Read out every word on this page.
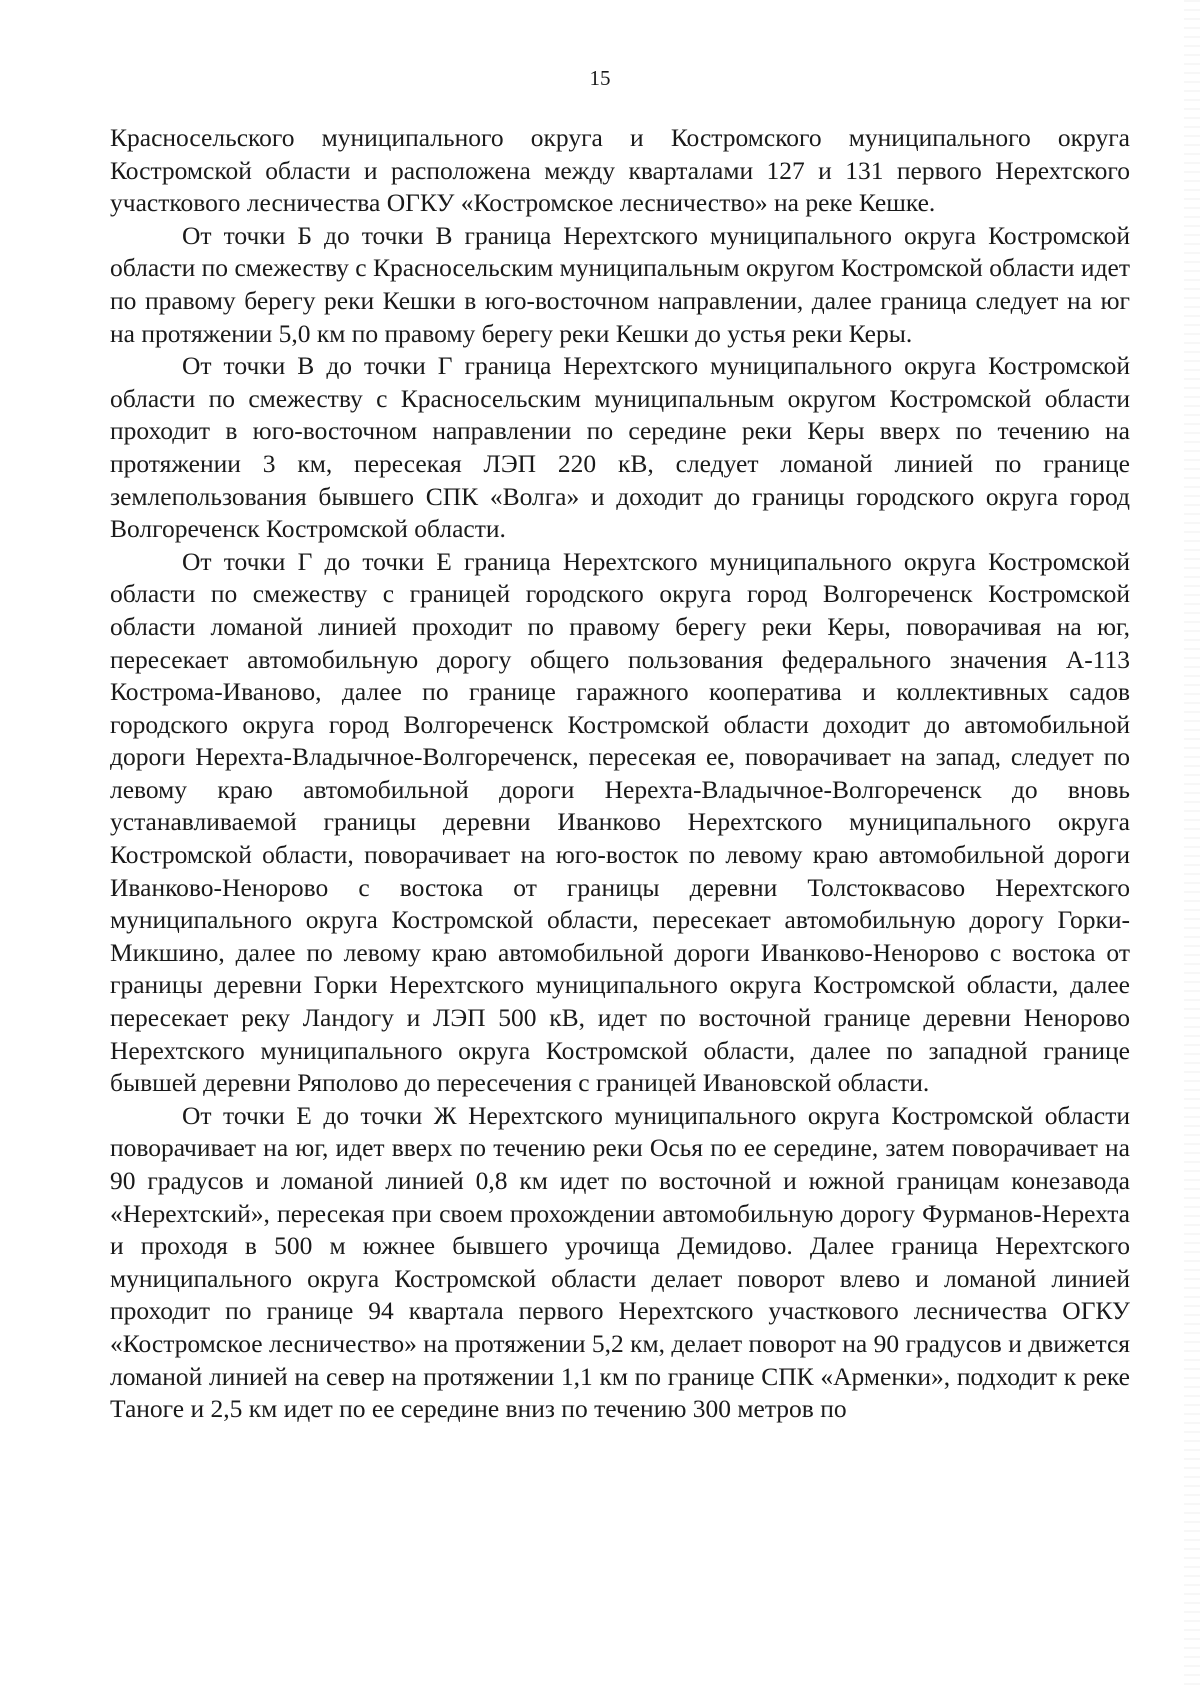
15

Красносельского муниципального округа и Костромского муниципального округа Костромской области и расположена между кварталами 127 и 131 первого Нерехтского участкового лесничества ОГКУ «Костромское лесничество» на реке Кешке.

От точки Б до точки В граница Нерехтского муниципального округа Костромской области по смежеству с Красносельским муниципальным округом Костромской области идет по правому берегу реки Кешки в юго-восточном направлении, далее граница следует на юг на протяжении 5,0 км по правому берегу реки Кешки до устья реки Керы.

От точки В до точки Г граница Нерехтского муниципального округа Костромской области по смежеству с Красносельским муниципальным округом Костромской области проходит в юго-восточном направлении по середине реки Керы вверх по течению на протяжении 3 км, пересекая ЛЭП 220 кВ, следует ломаной линией по границе землепользования бывшего СПК «Волга» и доходит до границы городского округа город Волгореченск Костромской области.

От точки Г до точки Е граница Нерехтского муниципального округа Костромской области по смежеству с границей городского округа город Волгореченск Костромской области ломаной линией проходит по правому берегу реки Керы, поворачивая на юг, пересекает автомобильную дорогу общего пользования федерального значения А-113 Кострома-Иваново, далее по границе гаражного кооператива и коллективных садов городского округа город Волгореченск Костромской области доходит до автомобильной дороги Нерехта-Владычное-Волгореченск, пересекая ее, поворачивает на запад, следует по левому краю автомобильной дороги Нерехта-Владычное-Волгореченск до вновь устанавливаемой границы деревни Иванково Нерехтского муниципального округа Костромской области, поворачивает на юго-восток по левому краю автомобильной дороги Иванково-Ненорово с востока от границы деревни Толстоквасово Нерехтского муниципального округа Костромской области, пересекает автомобильную дорогу Горки-Микшино, далее по левому краю автомобильной дороги Иванково-Ненорово с востока от границы деревни Горки Нерехтского муниципального округа Костромской области, далее пересекает реку Ландогу и ЛЭП 500 кВ, идет по восточной границе деревни Ненорово Нерехтского муниципального округа Костромской области, далее по западной границе бывшей деревни Ряполово до пересечения с границей Ивановской области.

От точки Е до точки Ж Нерехтского муниципального округа Костромской области поворачивает на юг, идет вверх по течению реки Осья по ее середине, затем поворачивает на 90 градусов и ломаной линией 0,8 км идет по восточной и южной границам конезавода «Нерехтский», пересекая при своем прохождении автомобильную дорогу Фурманов-Нерехта и проходя в 500 м южнее бывшего урочища Демидово. Далее граница Нерехтского муниципального округа Костромской области делает поворот влево и ломаной линией проходит по границе 94 квартала первого Нерехтского участкового лесничества ОГКУ «Костромское лесничество» на протяжении 5,2 км, делает поворот на 90 градусов и движется ломаной линией на север на протяжении 1,1 км по границе СПК «Арменки», подходит к реке Таноге и 2,5 км идет по ее середине вниз по течению 300 метров по
